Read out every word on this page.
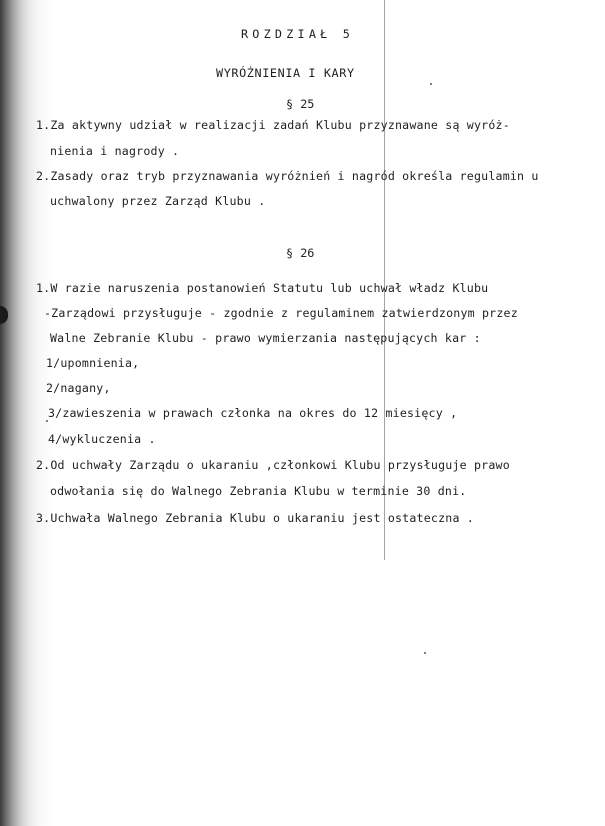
ROZDZIAŁ 5
WYRÓŻNIENIA I KARY
§ 25
1.Za aktywny udział w realizacji zadań Klubu przyznawane są wyróż-
nienia i nagrody .
2.Zasady oraz tryb przyznawania wyróżnień i nagród określa regulamin u
uchwalony przez Zarząd Klubu .
§ 26
1.W razie naruszenia postanowień Statutu lub uchwał władz Klubu
-Zarządowi przysługuje - zgodnie z regulaminem zatwierdzonym przez
Walne Zebranie Klubu - prawo wymierzania następujących kar :
1/upomnienia,
2/nagany,
3/zawieszenia w prawach członka na okres do 12 miesięcy ,
4/wykluczenia .
2.Od uchwały Zarządu o ukaraniu ,członkowi Klubu przysługuje prawo
odwołania się do Walnego Zebrania Klubu w terminie 30 dni.
3.Uchwała Walnego Zebrania Klubu o ukaraniu jest ostateczna .
